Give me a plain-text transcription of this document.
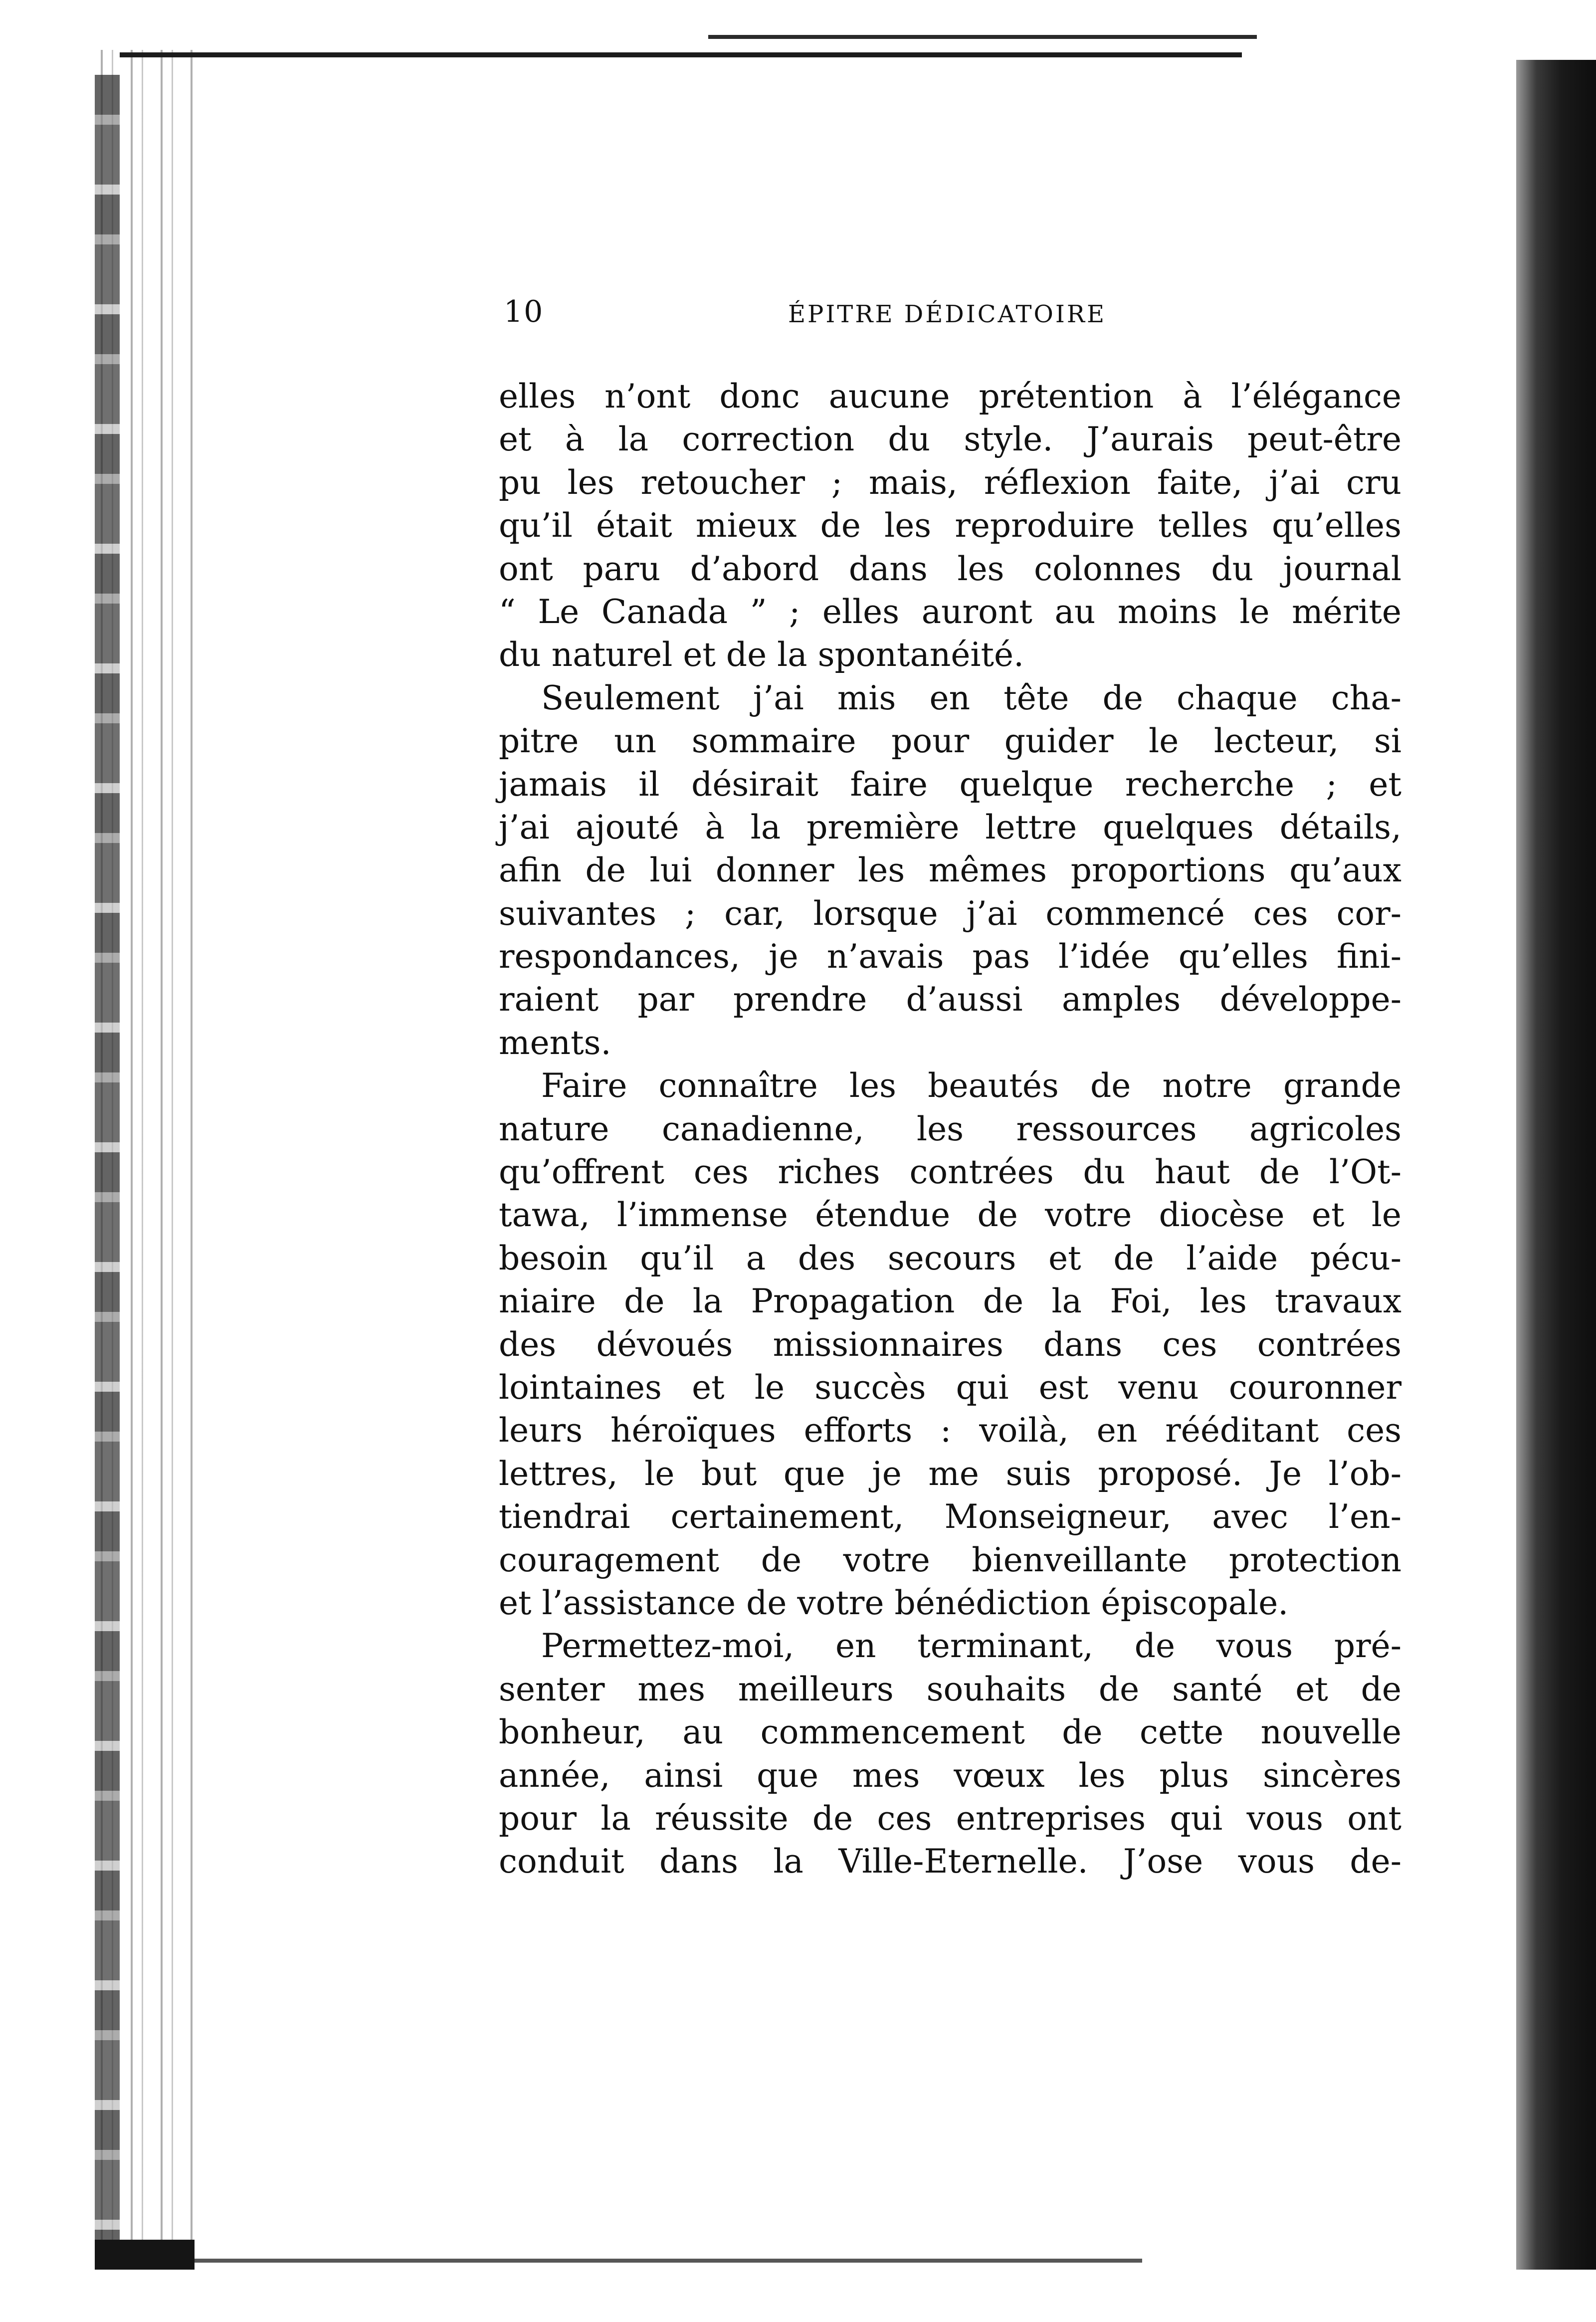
10	ÉPITRE DÉDICATOIRE
elles n’ont donc aucune prétention à l’élégance
et à la correction du style. J’aurais peut-être
pu les retoucher ; mais, réflexion faite, j’ai cru
qu’il était mieux de les reproduire telles qu’elles
ont paru d’abord dans les colonnes du journal
“ Le Canada ” ; elles auront au moins le mérite
du naturel et de la spontanéité.
Seulement j’ai mis en tête de chaque cha-
pitre un sommaire pour guider le lecteur, si
jamais il désirait faire quelque recherche ; et
j’ai ajouté à la première lettre quelques détails,
afin de lui donner les mêmes proportions qu’aux
suivantes ; car, lorsque j’ai commencé ces cor-
respondances, je n’avais pas l’idée qu’elles fini-
raient par prendre d’aussi amples développe-
ments.
Faire connaître les beautés de notre grande
nature canadienne, les ressources agricoles
qu’offrent ces riches contrées du haut de l’Ot-
tawa, l’immense étendue de votre diocèse et le
besoin qu’il a des secours et de l’aide pécu-
niaire de la Propagation de la Foi, les travaux
des dévoués missionnaires dans ces contrées
lointaines et le succès qui est venu couronner
leurs héroïques efforts : voilà, en rééditant ces
lettres, le but que je me suis proposé. Je l’ob-
tiendrai certainement, Monseigneur, avec l’en-
couragement de votre bienveillante protection
et l’assistance de votre bénédiction épiscopale.
Permettez-moi, en terminant, de vous pré-
senter mes meilleurs souhaits de santé et de
bonheur, au commencement de cette nouvelle
année, ainsi que mes vœux les plus sincères
pour la réussite de ces entreprises qui vous ont
conduit dans la Ville-Eternelle. J’ose vous de-
